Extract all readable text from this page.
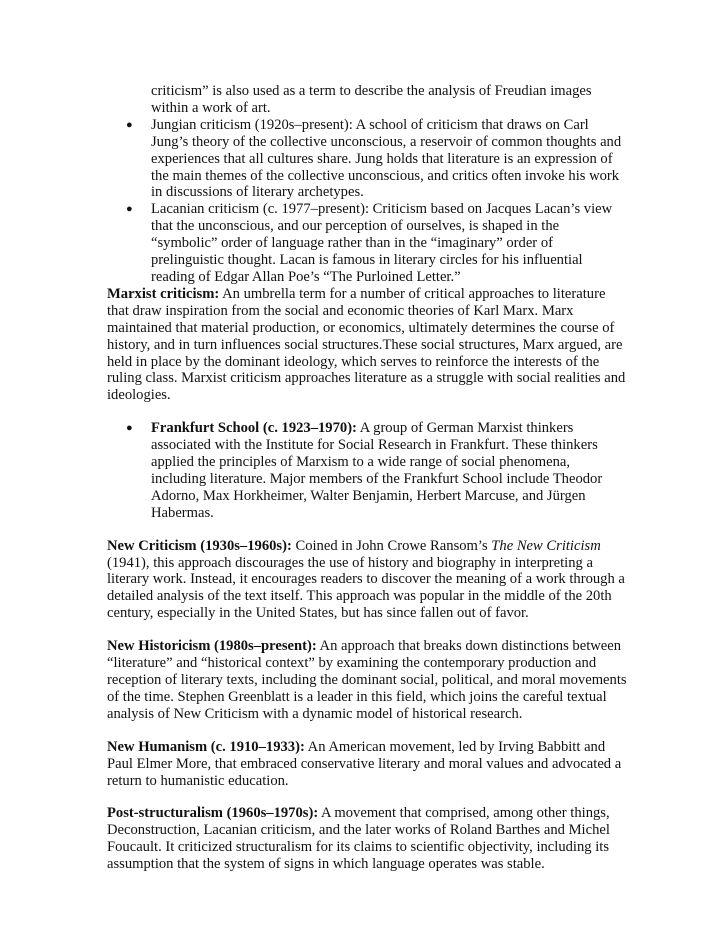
criticism” is also used as a term to describe the analysis of Freudian images within a work of art.

● Jungian criticism (1920s–present): A school of criticism that draws on Carl Jung’s theory of the collective unconscious, a reservoir of common thoughts and experiences that all cultures share. Jung holds that literature is an expression of the main themes of the collective unconscious, and critics often invoke his work in discussions of literary archetypes.
● Lacanian criticism (c. 1977–present): Criticism based on Jacques Lacan’s view that the unconscious, and our perception of ourselves, is shaped in the “symbolic” order of language rather than in the “imaginary” order of prelinguistic thought. Lacan is famous in literary circles for his influential reading of Edgar Allan Poe’s “The Purloined Letter.”

Marxist criticism: An umbrella term for a number of critical approaches to literature that draw inspiration from the social and economic theories of Karl Marx. Marx maintained that material production, or economics, ultimately determines the course of history, and in turn influences social structures.These social structures, Marx argued, are held in place by the dominant ideology, which serves to reinforce the interests of the ruling class. Marxist criticism approaches literature as a struggle with social realities and ideologies.

● Frankfurt School (c. 1923–1970): A group of German Marxist thinkers associated with the Institute for Social Research in Frankfurt. These thinkers applied the principles of Marxism to a wide range of social phenomena, including literature. Major members of the Frankfurt School include Theodor Adorno, Max Horkheimer, Walter Benjamin, Herbert Marcuse, and Jürgen Habermas.

New Criticism (1930s–1960s): Coined in John Crowe Ransom’s The New Criticism (1941), this approach discourages the use of history and biography in interpreting a literary work. Instead, it encourages readers to discover the meaning of a work through a detailed analysis of the text itself. This approach was popular in the middle of the 20th century, especially in the United States, but has since fallen out of favor.

New Historicism (1980s–present): An approach that breaks down distinctions between “literature” and “historical context” by examining the contemporary production and reception of literary texts, including the dominant social, political, and moral movements of the time. Stephen Greenblatt is a leader in this field, which joins the careful textual analysis of New Criticism with a dynamic model of historical research.

New Humanism (c. 1910–1933): An American movement, led by Irving Babbitt and Paul Elmer More, that embraced conservative literary and moral values and advocated a return to humanistic education.

Post-structuralism (1960s–1970s): A movement that comprised, among other things, Deconstruction, Lacanian criticism, and the later works of Roland Barthes and Michel Foucault. It criticized structuralism for its claims to scientific objectivity, including its assumption that the system of signs in which language operates was stable.
